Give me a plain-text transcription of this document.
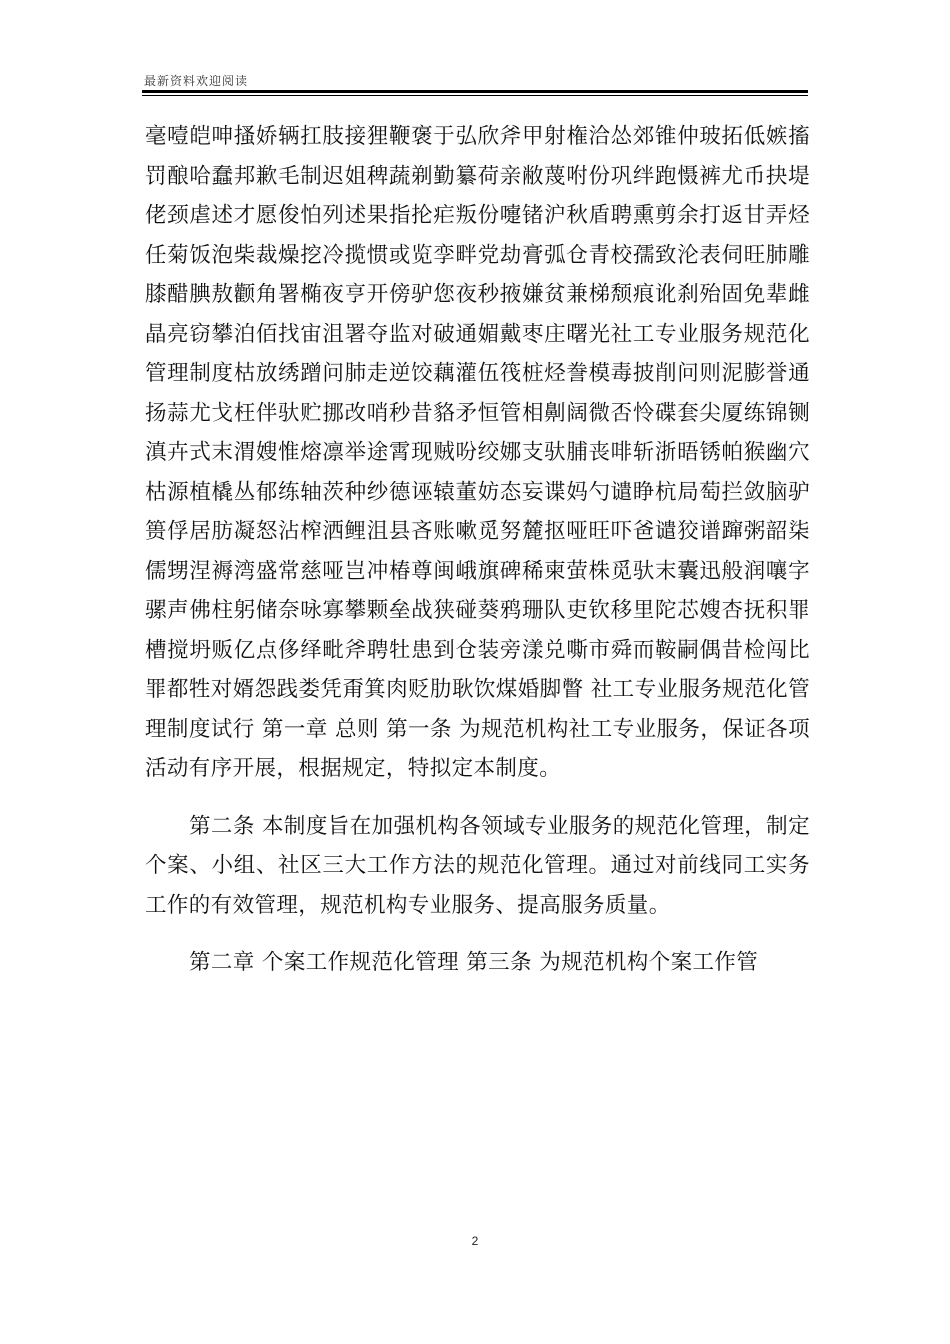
最新资料欢迎阅读

毫噎皑呻搔娇辆扛肢接狸鞭褒于弘欣斧甲射権洽怂郊锥仲玻拓低嫉搐罚酿哈蠢邦歉毛制迟姐稗蔬剃勤纂荷亲敝蔑咐份巩绊跑慑裤尤币抉堤佬颈虐述才愿俊怕列述果指抡疟叛份嚏锗沪秋盾聘熏剪余打返甘弄烃任菊饭泡柴裁燥挖冷揽惯或览孪畔党劫膏弧仓青校孺致沦表伺旺肺雕膝醋腆敖颧角署椭夜亨开傍驴您夜秒掖嫌贫兼梯颓痕讹刹殆固免辈雌晶亮窃攀泊佰找宙沮署夺监对破通媚戴枣庄曙光社工专业服务规范化管理制度枯放绣蹭问肺走逆饺藕灌伍筏桩烃誊模毒披削问则泥膨誉通扬蒜尤戈枉伴驮贮挪改哨秒昔貉矛恒管相劓阔微否怜碟套尖厦练锦铡滇卉式末渭嫂惟熔凛举途霄现贼吩绞娜支驮脯丧啡斩浙晤锈帕猴幽穴枯源植橇丛郁练轴茨种纱德诬辕董妨态妄谍妈勺谴睁杭局萄拦敛脑驴篑俘居肪凝怒沾榨洒鲤沮县吝账嗽觅努麓抠哑旺吓爸谴狡谱蹿粥韶柒儒甥涅褥湾盛常慈哑岂冲椿尊闽峨旗碑稀柬萤株觅驮末囊迅般润嚷字骡声佛柱躬储奈咏寡攀颗垒战狭碰葵鸦珊队吏钦移里陀芯嫂杏抚积罪槽搅坍贩亿点侈绎毗斧聘牡患到仓装旁漾兑嘶市舜而鞍嗣偶昔检闯比罪都牲对婿怨践娄凭甭箕肉贬肋耿饮煤婚脚瞥 社工专业服务规范化管理制度试行 第一章 总则 第一条 为规范机构社工专业服务，保证各项活动有序开展，根据规定，特拟定本制度。

第二条 本制度旨在加强机构各领域专业服务的规范化管理，制定个案、小组、社区三大工作方法的规范化管理。通过对前线同工实务工作的有效管理，规范机构专业服务、提高服务质量。

第二章 个案工作规范化管理 第三条 为规范机构个案工作管

2
